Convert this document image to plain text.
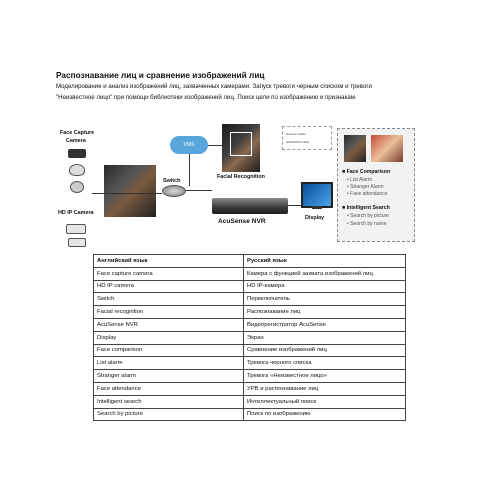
Распознавание лиц и сравнение изображений лиц
Моделирование и анализ изображений лиц, захваченных камерами. Запуск тревоги черным списком и тревоги
"Неизвестное лицо" при помощи библиотеки изображений лиц. Поиск цели по изображению и признакам.
Face Capture
Camera
HD IP Camera
VMS
Switch
Facial Recognition
AcuSense NVR	Display
Network Cable
HDMI/VGA Cable
■ Face Comparison
• List Alarm
• Stranger Alarm
• Face attendance
■ Intelligent Search
• Search by picture
• Search by name
Английский язык	Русский язык
Face capture camera	Камера с функцией захвата изображений лиц
HD IP camera	HD IP-камера
Switch	Переключатель
Facial recognition	Распознавание лиц
AcuSense NVR	Видеорегистратор AcuSense
Display	Экран
Face comparison	Сравнение изображений лиц
List alarm	Тревога черного списка
Stranger alarm	Тревога «Неизвестное лицо»
Face attendance	УРВ и распознавание лиц
Intelligent search	Интеллектуальный поиск
Search by picture	Поиск по изображению
